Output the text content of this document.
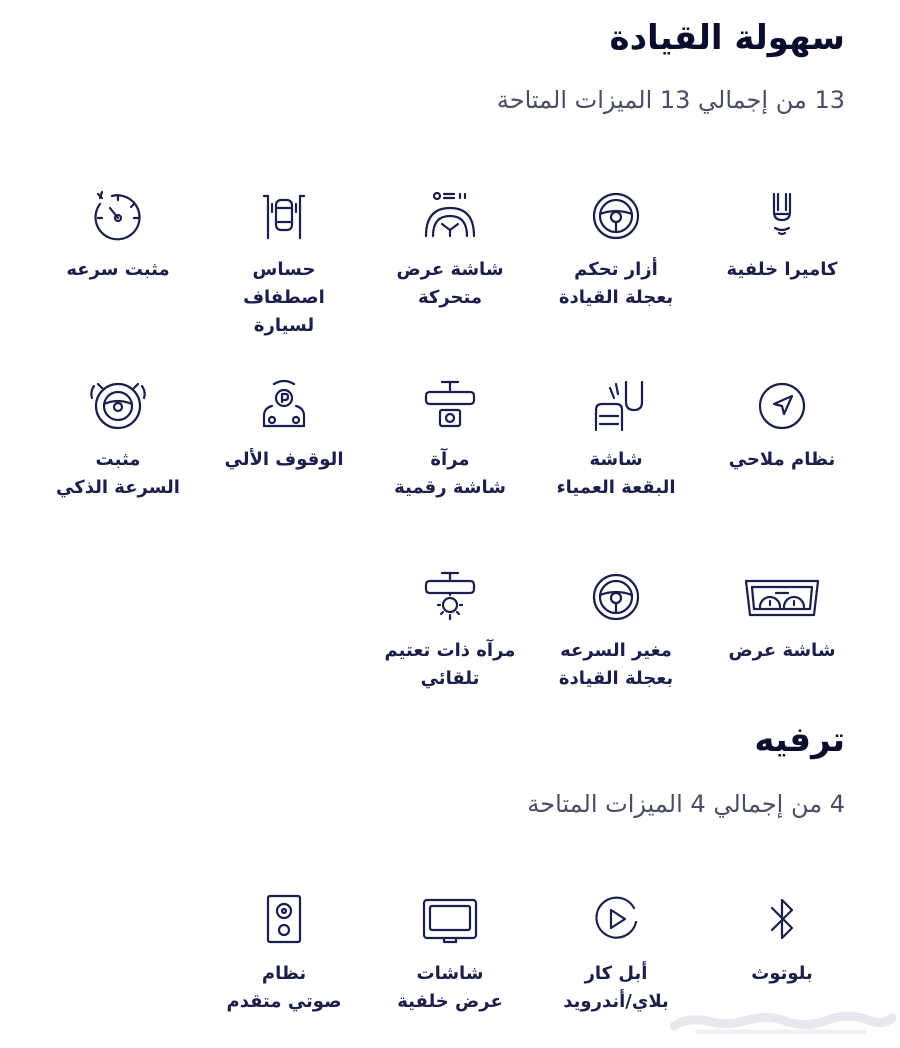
سهولة القيادة

13 من إجمالي 13 الميزات المتاحة

كاميرا خلفية
أزار تحكم
بعجلة القيادة
شاشة عرض
متحركة
حساس
اصطفاف لسيارة
مثبت سرعه
نظام ملاحي
شاشة
البقعة العمياء
مرآة
شاشة رقمية
الوقوف الألي
مثبت
السرعة الذكي
شاشة عرض
مغير السرعه
بعجلة القيادة
مرآه ذات تعتيم
تلقائي
ترفيه

4 من إجمالي 4 الميزات المتاحة

بلوتوث
أبل كار
بلاي/أندرويد
شاشات
عرض خلفية
نظام
صوتي متقدم
